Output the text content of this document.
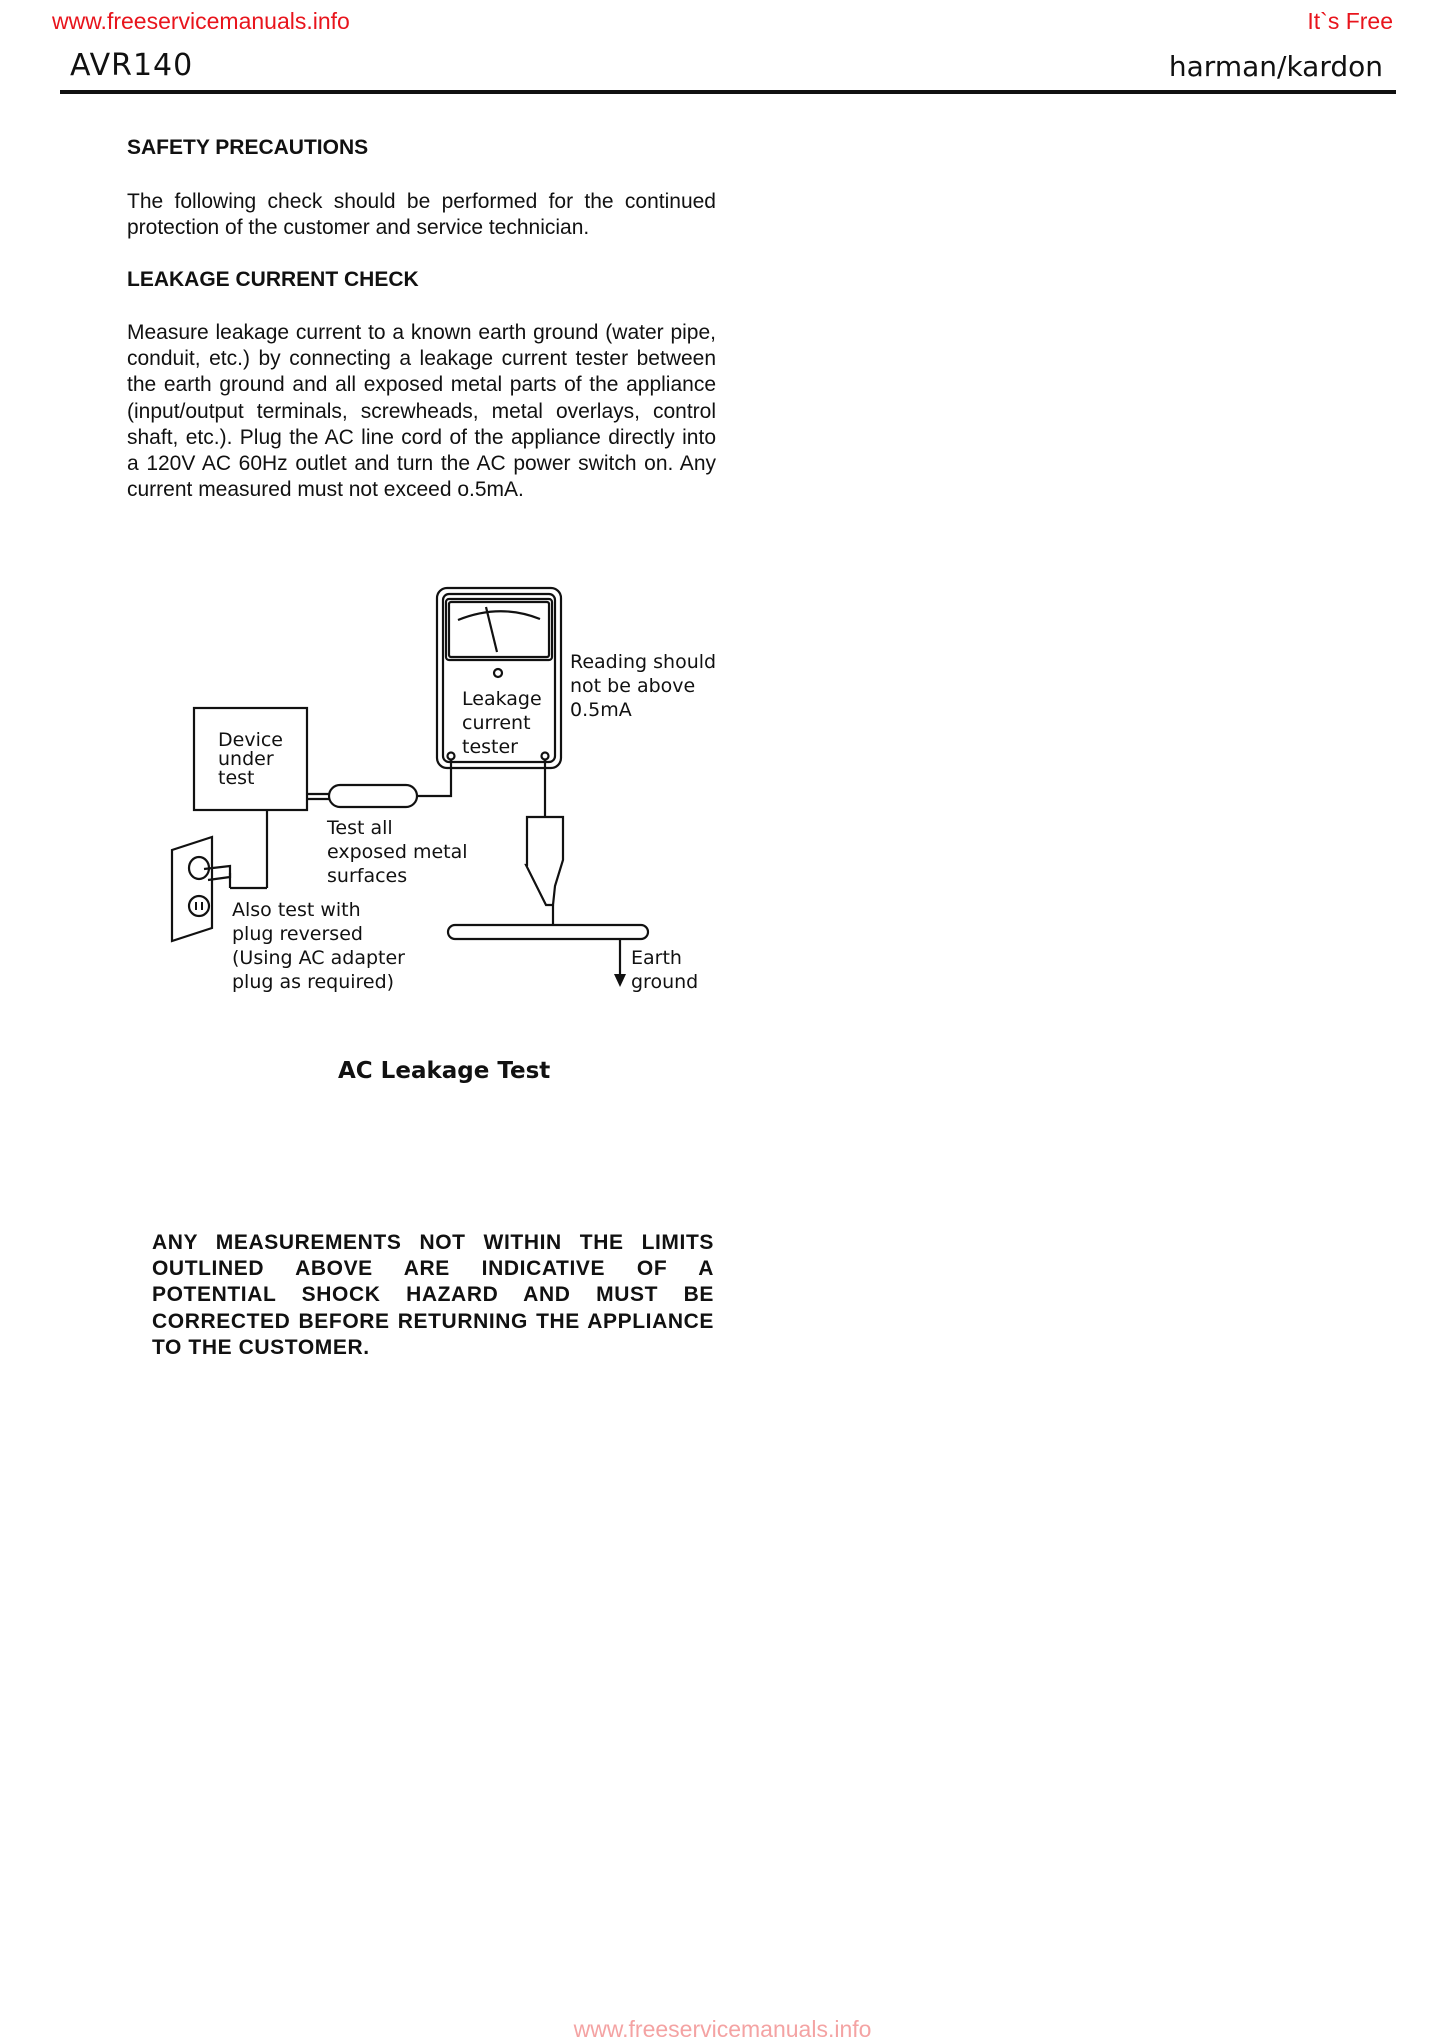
www.freeservicemanuals.info	It`s Free
AVR140	harman/kardon
SAFETY PRECAUTIONS

The following check should be performed for the continued protection of the customer and service technician.

LEAKAGE CURRENT CHECK

Measure leakage current to a known earth ground (water pipe, conduit, etc.) by connecting a leakage current tester between the earth ground and all exposed metal parts of the appliance (input/output terminals, screwheads, metal overlays, control shaft, etc.). Plug the AC line cord of the appliance directly into a 120V AC 60Hz outlet and turn the AC power switch on. Any current measured must not exceed o.5mA.

Device
under
test
Leakage
current
tester
Reading should
not be above
0.5mA
Test all
exposed metal
surfaces
Also test with
plug reversed
(Using AC adapter
plug as required)
Earth
ground
AC Leakage Test

ANY MEASUREMENTS NOT WITHIN THE LIMITS OUTLINED ABOVE ARE INDICATIVE OF A POTENTIAL SHOCK HAZARD AND MUST BE CORRECTED BEFORE RETURNING THE APPLIANCE TO THE CUSTOMER.

www.freeservicemanuals.info
